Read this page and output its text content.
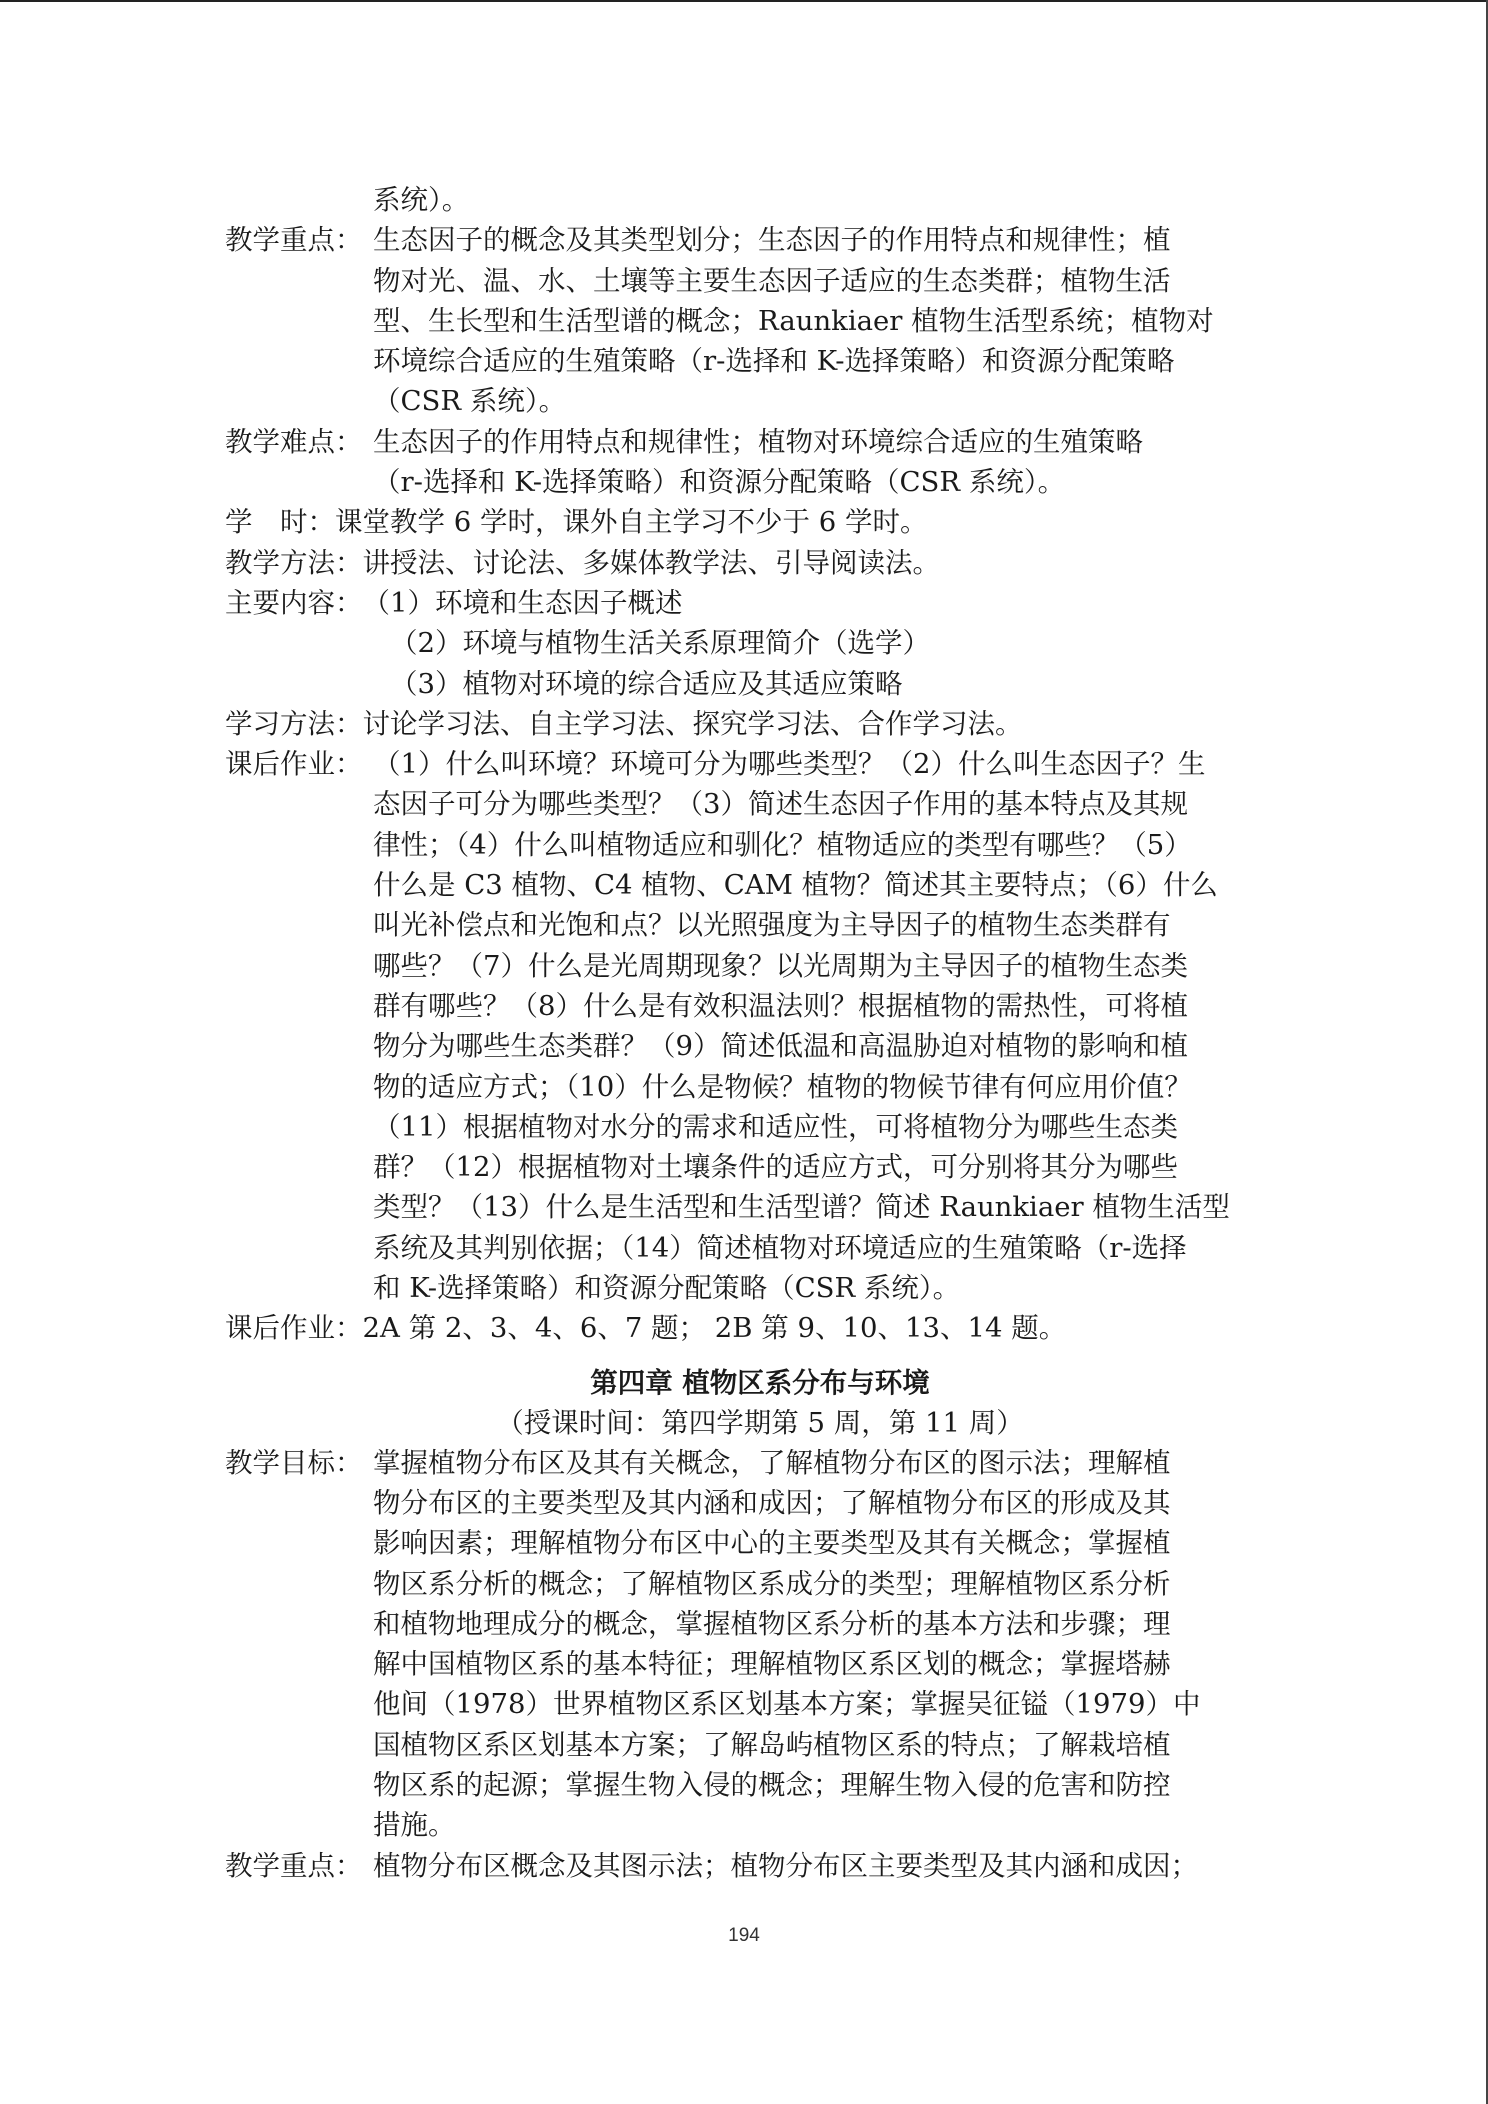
系统）。
教学重点： 生态因子的概念及其类型划分；生态因子的作用特点和规律性；植
物对光、温、水、土壤等主要生态因子适应的生态类群；植物生活
型、生长型和生活型谱的概念；Raunkiaer 植物生活型系统；植物对
环境综合适应的生殖策略（r-选择和 K-选择策略）和资源分配策略
（CSR 系统）。
教学难点： 生态因子的作用特点和规律性；植物对环境综合适应的生殖策略
（r-选择和 K-选择策略）和资源分配策略（CSR 系统）。
学　时： 课堂教学 6 学时，课外自主学习不少于 6 学时。
教学方法： 讲授法、讨论法、多媒体教学法、引导阅读法。
主要内容： （1）环境和生态因子概述
（2）环境与植物生活关系原理简介（选学）
（3）植物对环境的综合适应及其适应策略
学习方法： 讨论学习法、自主学习法、探究学习法、合作学习法。
课后作业： （1）什么叫环境？环境可分为哪些类型？（2）什么叫生态因子？生
态因子可分为哪些类型？（3）简述生态因子作用的基本特点及其规
律性；（4）什么叫植物适应和驯化？植物适应的类型有哪些？（5）
什么是 C3 植物、C4 植物、CAM 植物？简述其主要特点；（6）什么
叫光补偿点和光饱和点？以光照强度为主导因子的植物生态类群有
哪些？（7）什么是光周期现象？以光周期为主导因子的植物生态类
群有哪些？（8）什么是有效积温法则？根据植物的需热性，可将植
物分为哪些生态类群？（9）简述低温和高温胁迫对植物的影响和植
物的适应方式；（10）什么是物候？植物的物候节律有何应用价值？
（11）根据植物对水分的需求和适应性，可将植物分为哪些生态类
群？（12）根据植物对土壤条件的适应方式，可分别将其分为哪些
类型？（13）什么是生活型和生活型谱？简述 Raunkiaer 植物生活型
系统及其判别依据；（14）简述植物对环境适应的生殖策略（r-选择
和 K-选择策略）和资源分配策略（CSR 系统）。
课后作业： 2A 第 2、3、4、6、7 题； 2B 第 9、10、13、14 题。
第四章 植物区系分布与环境
（授课时间：第四学期第 5 周，第 11 周）
教学目标： 掌握植物分布区及其有关概念，了解植物分布区的图示法；理解植
物分布区的主要类型及其内涵和成因；了解植物分布区的形成及其
影响因素；理解植物分布区中心的主要类型及其有关概念；掌握植
物区系分析的概念；了解植物区系成分的类型；理解植物区系分析
和植物地理成分的概念，掌握植物区系分析的基本方法和步骤；理
解中国植物区系的基本特征；理解植物区系区划的概念；掌握塔赫
他间（1978）世界植物区系区划基本方案；掌握吴征镒（1979）中
国植物区系区划基本方案；了解岛屿植物区系的特点；了解栽培植
物区系的起源；掌握生物入侵的概念；理解生物入侵的危害和防控
措施。
教学重点： 植物分布区概念及其图示法；植物分布区主要类型及其内涵和成因；
194
